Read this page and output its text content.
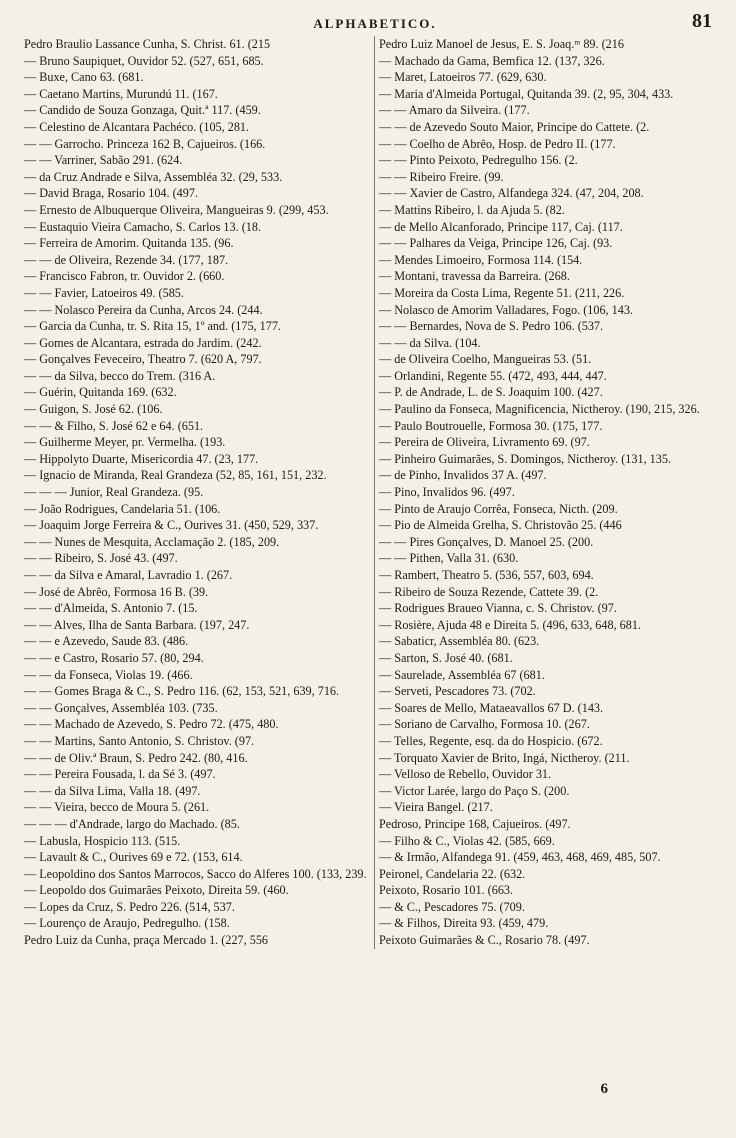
ALPHABETICO.	81
Pedro Braulio Lassance Cunha, S. Christ. 61. (215
— Bruno Saupiquet, Ouvidor 52. (527, 651, 685.
— Buxe, Cano 63. (681.
— Caetano Martins, Murundú 11. (167.
— Candido de Souza Gonzaga, Quit.ª 117. (459.
— Celestino de Alcantara Pachéco. (105, 281.
— — Garrocho. Princeza 162 B, Cajueiros. (166.
— — Varriner, Sabão 291. (624.
— da Cruz Andrade e Silva, Assembléa 32. (29, 533.
— David Braga, Rosario 104. (497.
— Ernesto de Albuquerque Oliveira, Mangueiras 9. (299, 453.
— Eustaquio Vieira Camacho, S. Carlos 13. (18.
— Ferreira de Amorim. Quitanda 135. (96.
— — de Oliveira, Rezende 34. (177, 187.
— Francisco Fabron, tr. Ouvidor 2. (660.
— — Favier, Latoeiros 49. (585.
— — Nolasco Pereira da Cunha, Arcos 24. (244.
— Garcia da Cunha, tr. S. Rita 15, 1º and. (175, 177.
— Gomes de Alcantara, estrada do Jardim. (242.
— Gonçalves Feveceiro, Theatro 7. (620 A, 797.
— — da Silva, becco do Trem. (316 A.
— Guérin, Quitanda 169. (632.
— Guigon, S. José 62. (106.
— — & Filho, S. José 62 e 64. (651.
— Guilherme Meyer, pr. Vermelha. (193.
— Hippolyto Duarte, Misericordia 47. (23, 177.
— Ignacio de Miranda, Real Grandeza (52, 85, 161, 151, 232.
— — — Junior, Real Grandeza. (95.
— João Rodrigues, Candelaria 51. (106.
— Joaquim Jorge Ferreira & C., Ourives 31. (450, 529, 337.
— — Nunes de Mesquita, Acclamação 2. (185, 209.
— — Ribeiro, S. José 43. (497.
— — da Silva e Amaral, Lavradio 1. (267.
— José de Abrêo, Formosa 16 B. (39.
— — d'Almeida, S. Antonio 7. (15.
— — Alves, Ilha de Santa Barbara. (197, 247.
— — e Azevedo, Saude 83. (486.
— — e Castro, Rosario 57. (80, 294.
— — da Fonseca, Violas 19. (466.
— — Gomes Braga & C., S. Pedro 116. (62, 153, 521, 639, 716.
— — Gonçalves, Assembléa 103. (735.
— — Machado de Azevedo, S. Pedro 72. (475, 480.
— — Martins, Santo Antonio, S. Christov. (97.
— — de Oliv.ª Braun, S. Pedro 242. (80, 416.
— — Pereira Fousada, l. da Sé 3. (497.
— — da Silva Lima, Valla 18. (497.
— — Vieira, becco de Moura 5. (261.
— — — d'Andrade, largo do Machado. (85.
— Labusla, Hospicio 113. (515.
— Lavault & C., Ourives 69 e 72. (153, 614.
— Leopoldino dos Santos Marrocos, Sacco do Alferes 100. (133, 239.
— Leopoldo dos Guimarães Peixoto, Direita 59. (460.
— Lopes da Cruz, S. Pedro 226. (514, 537.
— Lourenço de Araujo, Pedregulho. (158.
Pedro Luiz da Cunha, praça Mercado 1. (227, 556
Pedro Luiz Manoel de Jesus, E. S. Joaq.ᵐ 89. (216
— Machado da Gama, Bemfica 12. (137, 326.
— Maret, Latoeiros 77. (629, 630.
— Maria d'Almeida Portugal, Quitanda 39. (2, 95, 304, 433.
— — Amaro da Silveira. (177.
— — de Azevedo Souto Maior, Principe do Cattete. (2.
— — Coelho de Abrêo, Hosp. de Pedro II. (177.
— — Pinto Peixoto, Pedregulho 156. (2.
— — Ribeiro Freire. (99.
— — Xavier de Castro, Alfandega 324. (47, 204, 208.
— Mattins Ribeiro, l. da Ajuda 5. (82.
— de Mello Alcanforado, Principe 117, Caj. (117.
— — Palhares da Veiga, Principe 126, Caj. (93.
— Mendes Limoeiro, Formosa 114. (154.
— Montani, travessa da Barreira. (268.
— Moreira da Costa Lima, Regente 51. (211, 226.
— Nolasco de Amorim Valladares, Fogo. (106, 143.
— — Bernardes, Nova de S. Pedro 106. (537.
— — da Silva. (104.
— de Oliveira Coelho, Mangueiras 53. (51.
— Orlandini, Regente 55. (472, 493, 444, 447.
— P. de Andrade, L. de S. Joaquim 100. (427.
— Paulino da Fonseca, Magnificencia, Nictheroy. (190, 215, 326.
— Paulo Boutrouelle, Formosa 30. (175, 177.
— Pereira de Oliveira, Livramento 69. (97.
— Pinheiro Guimarães, S. Domingos, Nictheroy. (131, 135.
— de Pinho, Invalidos 37 A. (497.
— Pino, Invalidos 96. (497.
— Pinto de Araujo Corrêa, Fonseca, Nicth. (209.
— Pio de Almeida Grelha, S. Christovão 25. (446
— — Pires Gonçalves, D. Manoel 25. (200.
— — Pithen, Valla 31. (630.
— Rambert, Theatro 5. (536, 557, 603, 694.
— Ribeiro de Souza Rezende, Cattete 39. (2.
— Rodrigues Braueo Vianna, c. S. Christov. (97.
— Rosière, Ajuda 48 e Direita 5. (496, 633, 648, 681.
— Sabaticr, Assembléa 80. (623.
— Sarton, S. José 40. (681.
— Saurelade, Assembléa 67 (681.
— Serveti, Pescadores 73. (702.
— Soares de Mello, Mataeavallos 67 D. (143.
— Soriano de Carvalho, Formosa 10. (267.
— Telles, Regente, esq. da do Hospicio. (672.
— Torquato Xavier de Brito, Ingá, Nictheroy. (211.
— Velloso de Rebello, Ouvidor 31.
— Victor Larée, largo do Paço S. (200.
— Vieira Bangel. (217.
Pedroso, Principe 168, Cajueiros. (497.
— Filho & C., Violas 42. (585, 669.
— & Irmão, Alfandega 91. (459, 463, 468, 469, 485, 507.
Peironel, Candelaria 22. (632.
Peixoto, Rosario 101. (663.
— & C., Pescadores 75. (709.
— & Filhos, Direita 93. (459, 479.
Peixoto Guimarães & C., Rosario 78. (497.
6
